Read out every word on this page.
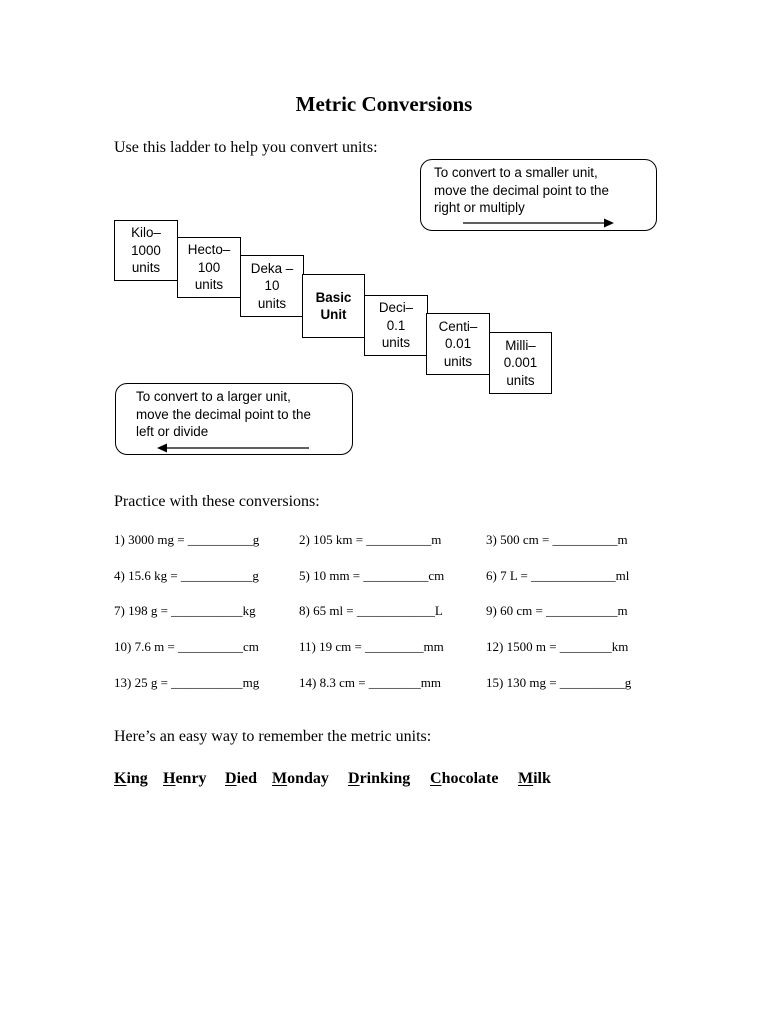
Metric Conversions
Use this ladder to help you convert units:
To convert to a smaller unit,
move the decimal point to the
right or multiply
Kilo–
1000
units
Hecto–
100
units
Deka –
10
units	Basic
Unit	Deci–
0.1
units
Centi–
0.01
units
Milli–
0.001
units
To convert to a larger unit,
move the decimal point to the
left or divide
Practice with these conversions:
1) 3000 mg = __________g	2) 105 km = __________m	3) 500 cm = __________m
4) 15.6 kg = ___________g	5) 10 mm = __________cm	6) 7 L = _____________ml
7) 198 g = ___________kg	8) 65 ml = ____________L	9) 60 cm = ___________m
10) 7.6 m = __________cm	11) 19 cm = _________mm	12) 1500 m = ________km
13) 25 g = ___________mg	14) 8.3 cm = ________mm	15) 130 mg = __________g
Here’s an easy way to remember the metric units:
King Henry Died Monday Drinking Chocolate Milk
